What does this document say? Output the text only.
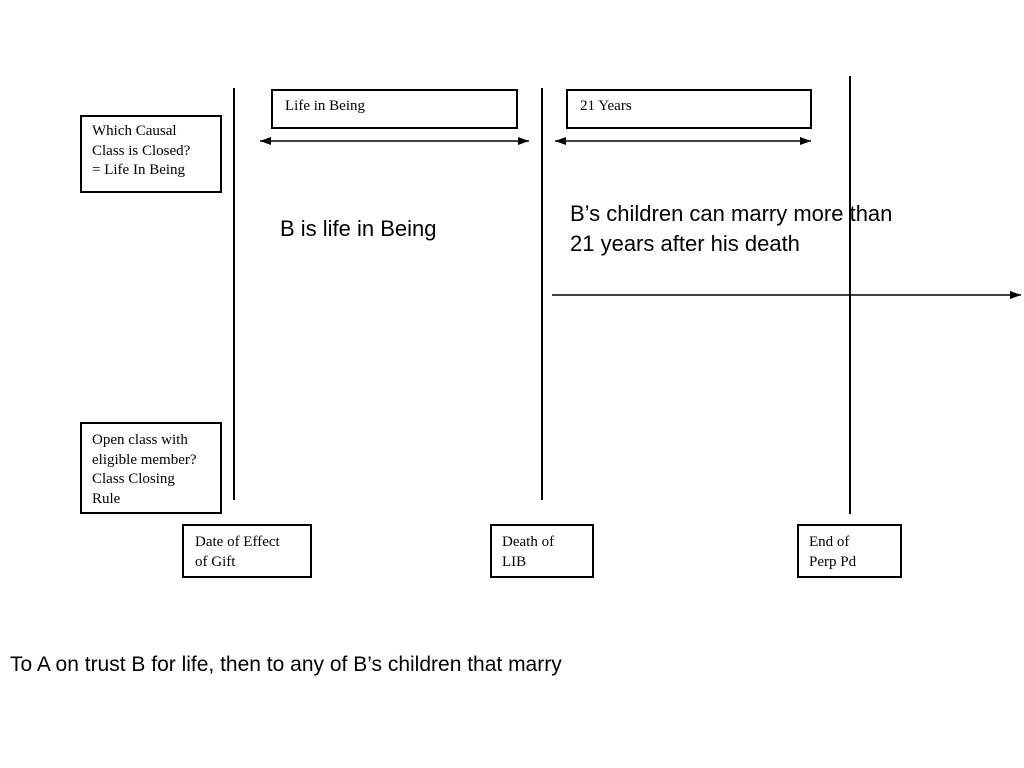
Which Causal
Class is Closed?
= Life In Being
Open class with
eligible member?
Class Closing
Rule
Life in Being	21 Years
Date of Effect
of Gift
Death of
LIB
End of
Perp Pd
B is life in Being
B’s children can marry more than
21 years after his death
To A on trust B for life, then to any of B’s children that marry
